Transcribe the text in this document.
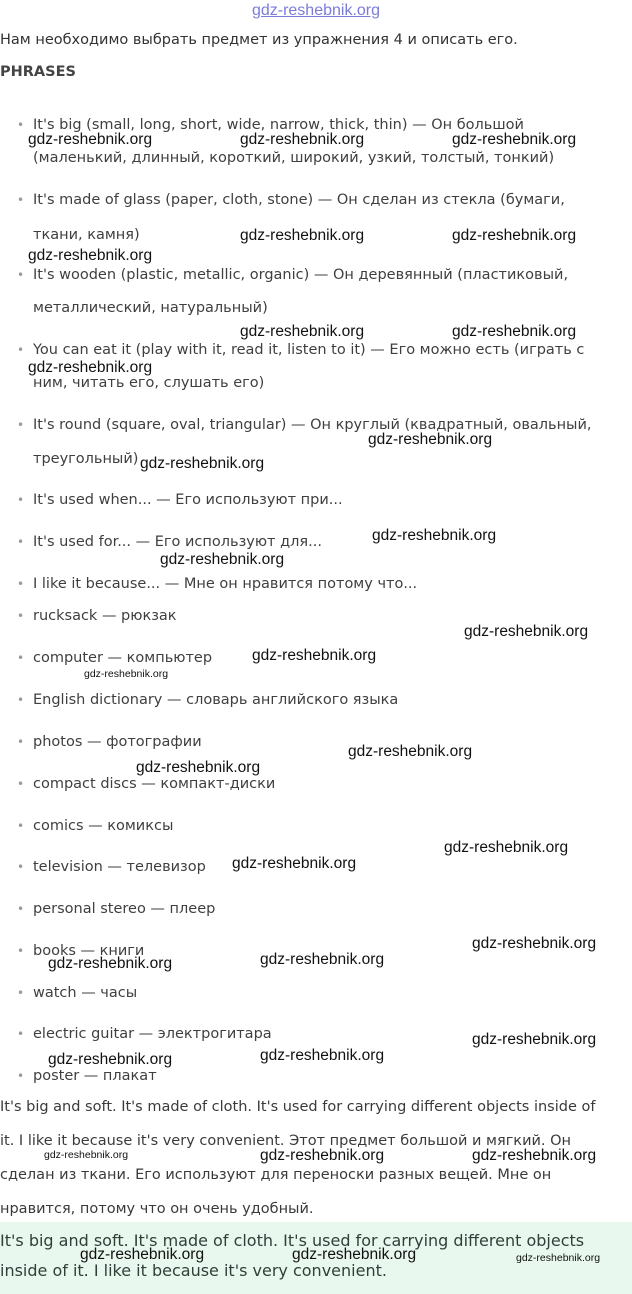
gdz-reshebnik.org
Нам необходимо выбрать предмет из упражнения 4 и описать его.
PHRASES
• It's big (small, long, short, wide, narrow, thick, thin) — Он большой
(маленький, длинный, короткий, широкий, узкий, толстый, тонкий)
• It's made of glass (paper, cloth, stone) — Он сделан из стекла (бумаги,
ткани, камня)
• It's wooden (plastic, metallic, organic) — Он деревянный (пластиковый,
металлический, натуральный)
• You can eat it (play with it, read it, listen to it) — Его можно есть (играть с
ним, читать его, слушать его)
• It's round (square, oval, triangular) — Он круглый (квадратный, овальный,
треугольный)
• It's used when... — Его используют при...
• It's used for... — Его используют для...
• I like it because... — Мне он нравится потому что...
• rucksack — рюкзак
• computer — компьютер
• English dictionary — словарь английского языка
• photos — фотографии
• compact discs — компакт-диски
• comics — комиксы
• television — телевизор
• personal stereo — плеер
• books — книги
• watch — часы
• electric guitar — электрогитара
• poster — плакат
It's big and soft. It's made of cloth. It's used for carrying different objects inside of
it. I like it because it's very convenient. Этот предмет большой и мягкий. Он
сделан из ткани. Его используют для переноски разных вещей. Мне он
нравится, потому что он очень удобный.
It's big and soft. It's made of cloth. It's used for carrying different objects
inside of it. I like it because it's very convenient.
gdz-reshebnik.org	gdz-reshebnik.org	gdz-reshebnik.org
gdz-reshebnik.org	gdz-reshebnik.org
gdz-reshebnik.org
gdz-reshebnik.org	gdz-reshebnik.org
gdz-reshebnik.org
gdz-reshebnik.org
gdz-reshebnik.org
gdz-reshebnik.org
gdz-reshebnik.org
gdz-reshebnik.org
gdz-reshebnik.org
gdz-reshebnik.org
gdz-reshebnik.org
gdz-reshebnik.org
gdz-reshebnik.org
gdz-reshebnik.org
gdz-reshebnik.org
gdz-reshebnik.org
gdz-reshebnik.org
gdz-reshebnik.org
gdz-reshebnik.org
gdz-reshebnik.org
gdz-reshebnik.org	gdz-reshebnik.org	gdz-reshebnik.org
gdz-reshebnik.org	gdz-reshebnik.org	gdz-reshebnik.org
